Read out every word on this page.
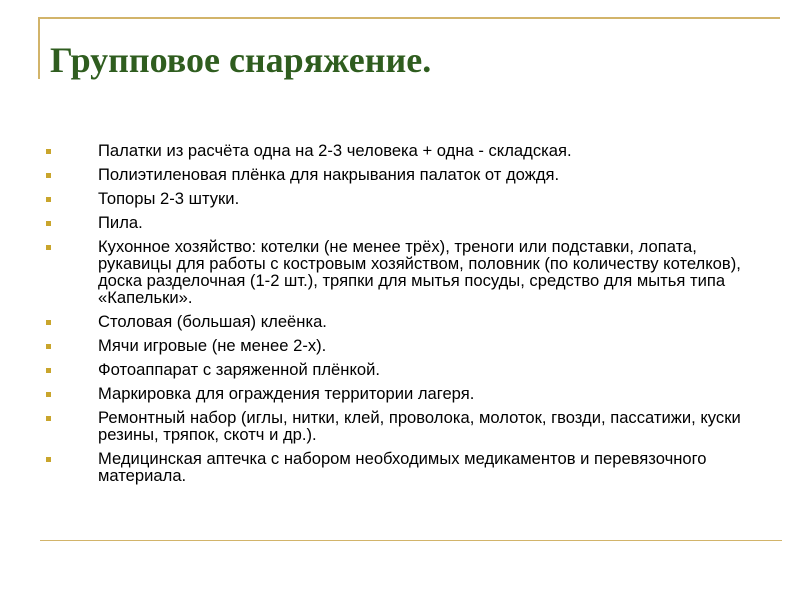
Групповое снаряжение.
Палатки из расчёта одна на 2-3 человека + одна - складская.
Полиэтиленовая плёнка для накрывания палаток от дождя.
Топоры 2-3 штуки.
Пила.
Кухонное хозяйство: котелки (не менее трёх), треноги или подставки, лопата, рукавицы для работы с костровым хозяйством, половник (по количеству котелков), доска разделочная (1-2 шт.), тряпки для мытья посуды, средство для мытья типа «Капельки».
Столовая (большая) клеёнка.
Мячи игровые (не менее 2-х).
Фотоаппарат с заряженной плёнкой.
Маркировка для ограждения территории лагеря.
Ремонтный набор (иглы, нитки, клей, проволока, молоток, гвозди, пассатижи, куски резины, тряпок, скотч и др.).
Медицинская аптечка с набором необходимых медикаментов и перевязочного материала.
